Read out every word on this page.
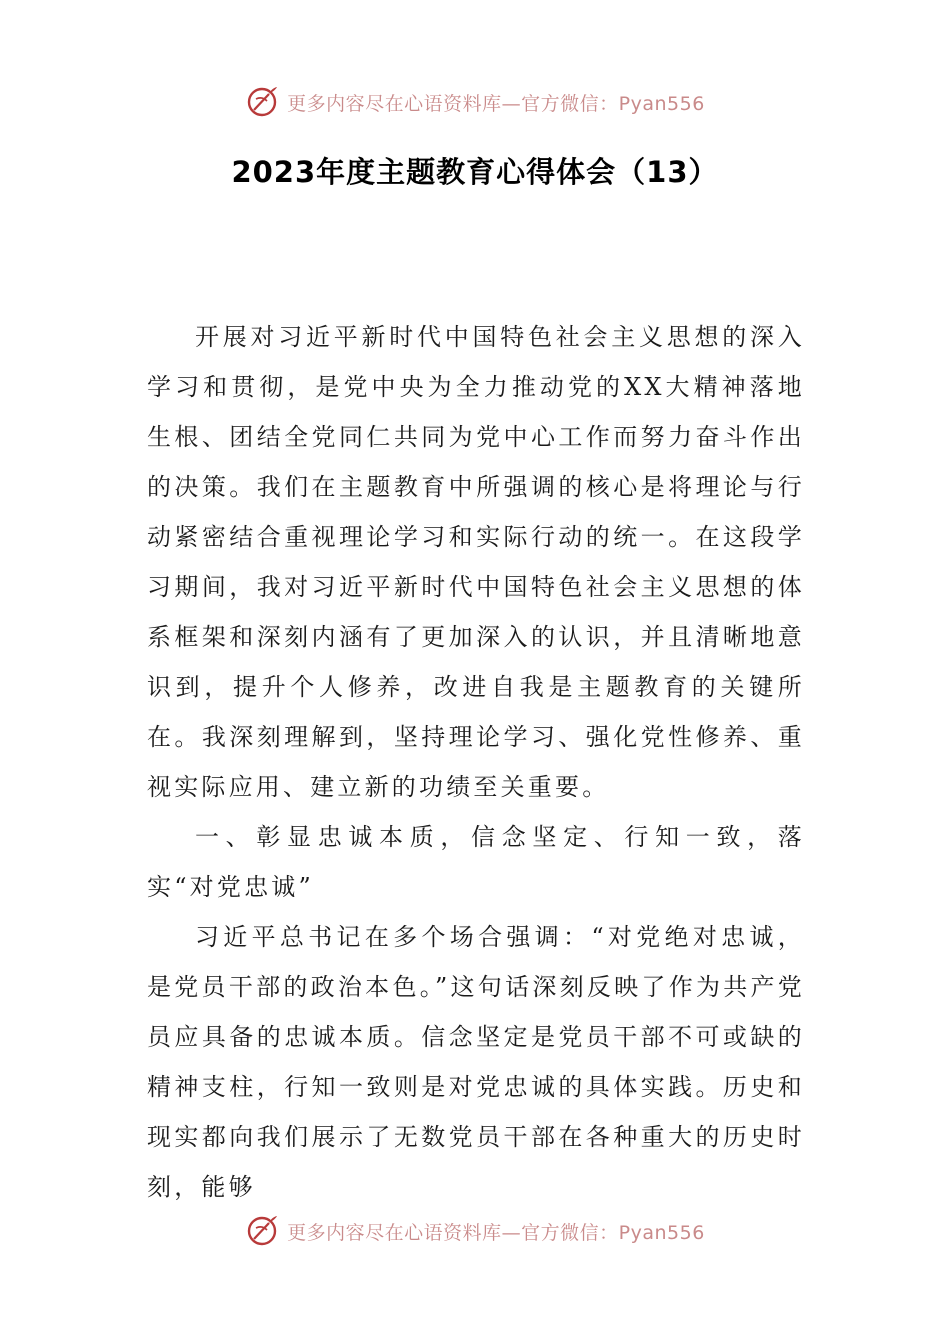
更多内容尽在心语资料库—官方微信：Pyan556
2023年度主题教育心得体会（13）

开展对习近平新时代中国特色社会主义思想的深入学习和贯彻，是党中央为全力推动党的XX大精神落地生根、团结全党同仁共同为党中心工作而努力奋斗作出的决策。我们在主题教育中所强调的核心是将理论与行动紧密结合重视理论学习和实际行动的统一。在这段学习期间，我对习近平新时代中国特色社会主义思想的体系框架和深刻内涵有了更加深入的认识，并且清晰地意识到，提升个人修养，改进自我是主题教育的关键所在。我深刻理解到，坚持理论学习、强化党性修养、重视实际应用、建立新的功绩至关重要。

一、彰显忠诚本质，信念坚定、行知一致，落实“对党忠诚”

习近平总书记在多个场合强调：“对党绝对忠诚，是党员干部的政治本色。”这句话深刻反映了作为共产党员应具备的忠诚本质。信念坚定是党员干部不可或缺的精神支柱，行知一致则是对党忠诚的具体实践。历史和现实都向我们展示了无数党员干部在各种重大的历史时刻，能够

更多内容尽在心语资料库—官方微信：Pyan556
